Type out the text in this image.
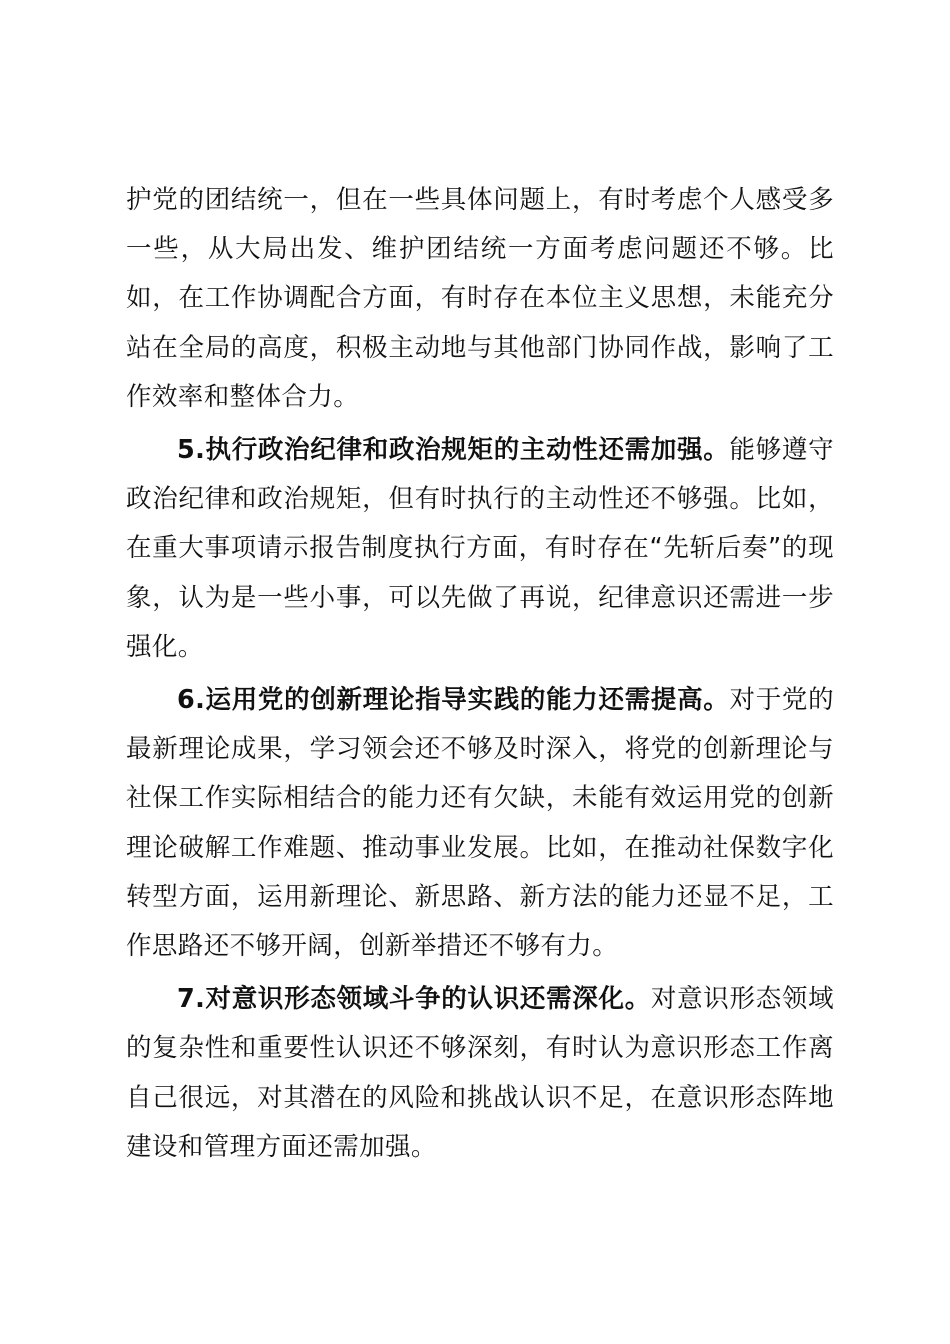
护党的团结统一，但在一些具体问题上，有时考虑个人感受多一些，从大局出发、维护团结统一方面考虑问题还不够。比如，在工作协调配合方面，有时存在本位主义思想，未能充分站在全局的高度，积极主动地与其他部门协同作战，影响了工作效率和整体合力。

5.执行政治纪律和政治规矩的主动性还需加强。能够遵守政治纪律和政治规矩，但有时执行的主动性还不够强。比如，在重大事项请示报告制度执行方面，有时存在“先斩后奏”的现象，认为是一些小事，可以先做了再说，纪律意识还需进一步强化。

6.运用党的创新理论指导实践的能力还需提高。对于党的最新理论成果，学习领会还不够及时深入，将党的创新理论与社保工作实际相结合的能力还有欠缺，未能有效运用党的创新理论破解工作难题、推动事业发展。比如，在推动社保数字化转型方面，运用新理论、新思路、新方法的能力还显不足，工作思路还不够开阔，创新举措还不够有力。

7.对意识形态领域斗争的认识还需深化。对意识形态领域的复杂性和重要性认识还不够深刻，有时认为意识形态工作离自己很远，对其潜在的风险和挑战认识不足，在意识形态阵地建设和管理方面还需加强。
